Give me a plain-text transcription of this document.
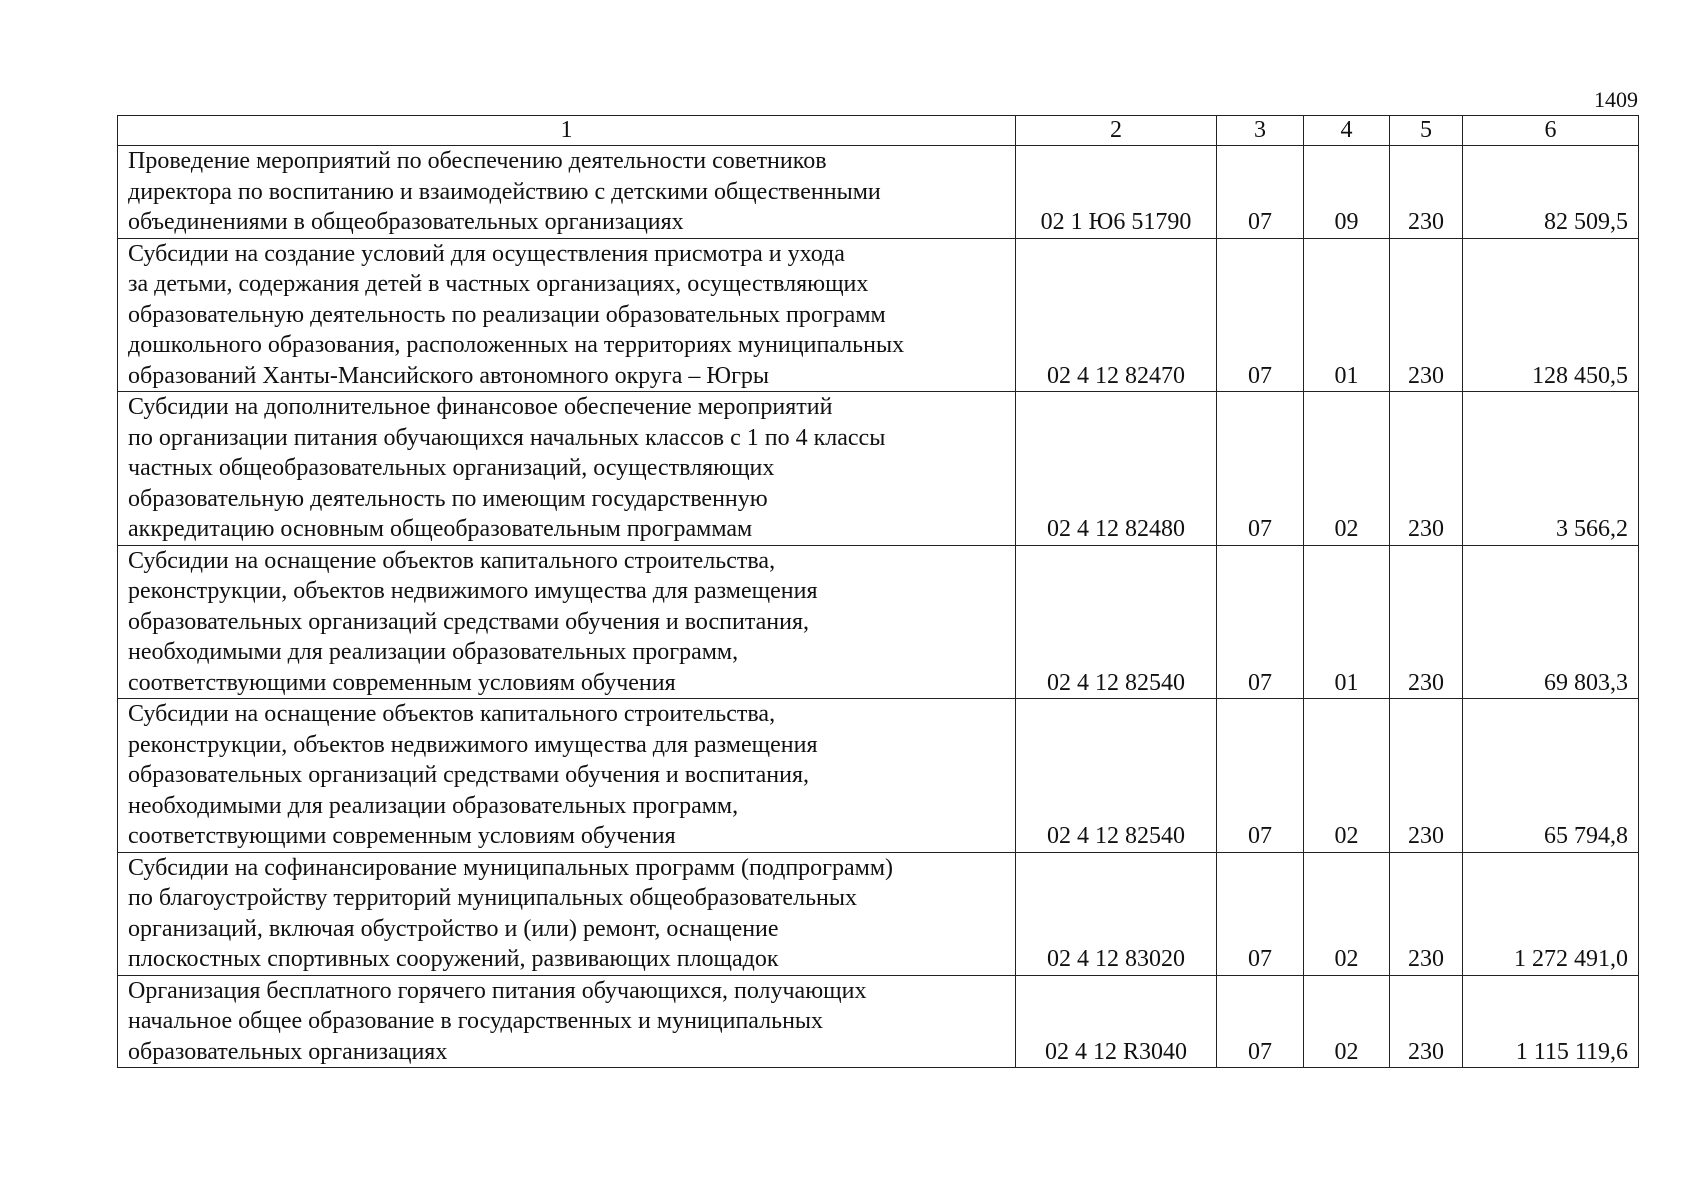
1409
1	2	3	4	5	6
Проведение мероприятий по обеспечению деятельности советников
директора по воспитанию и взаимодействию с детскими общественными
объединениями в общеобразовательных организациях	02 1 Ю6 51790	07	09	230	82 509,5
Субсидии на создание условий для осуществления присмотра и ухода
за детьми, содержания детей в частных организациях, осуществляющих
образовательную деятельность по реализации образовательных программ
дошкольного образования, расположенных на территориях муниципальных
образований Ханты-Мансийского автономного округа – Югры	02 4 12 82470	07	01	230	128 450,5
Субсидии на дополнительное финансовое обеспечение мероприятий
по организации питания обучающихся начальных классов с 1 по 4 классы
частных общеобразовательных организаций, осуществляющих
образовательную деятельность по имеющим государственную
аккредитацию основным общеобразовательным программам	02 4 12 82480	07	02	230	3 566,2
Субсидии на оснащение объектов капитального строительства,
реконструкции, объектов недвижимого имущества для размещения
образовательных организаций средствами обучения и воспитания,
необходимыми для реализации образовательных программ,
соответствующими современным условиям обучения	02 4 12 82540	07	01	230	69 803,3
Субсидии на оснащение объектов капитального строительства,
реконструкции, объектов недвижимого имущества для размещения
образовательных организаций средствами обучения и воспитания,
необходимыми для реализации образовательных программ,
соответствующими современным условиям обучения	02 4 12 82540	07	02	230	65 794,8
Субсидии на софинансирование муниципальных программ (подпрограмм)
по благоустройству территорий муниципальных общеобразовательных
организаций, включая обустройство и (или) ремонт, оснащение
плоскостных спортивных сооружений, развивающих площадок	02 4 12 83020	07	02	230	1 272 491,0
Организация бесплатного горячего питания обучающихся, получающих
начальное общее образование в государственных и муниципальных
образовательных организациях	02 4 12 R3040	07	02	230	1 115 119,6
